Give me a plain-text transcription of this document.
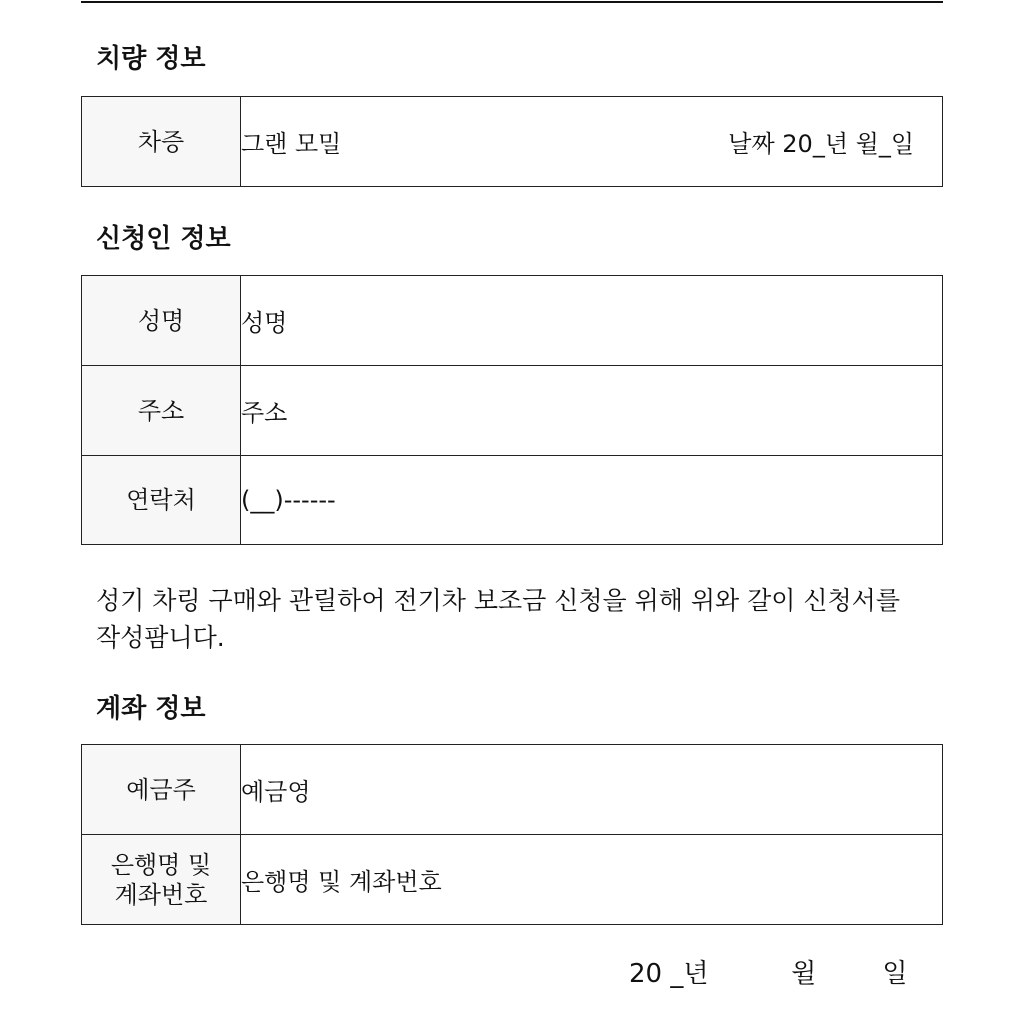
치량 정보
차증	그랜 모밀	날짜 20_년 윌_일
신청인 정보
성명	성명
주소	주소
연락처	(__)------

성기 차링 구매와 관릴하어 전기차 보조금 신청을 위해 위와 갈이 신청서를 작성팜니다.

계좌 정보
예금주	예금영
은행명 및 계좌번호	은행명 및 계좌번호
20 _년	윌	일
